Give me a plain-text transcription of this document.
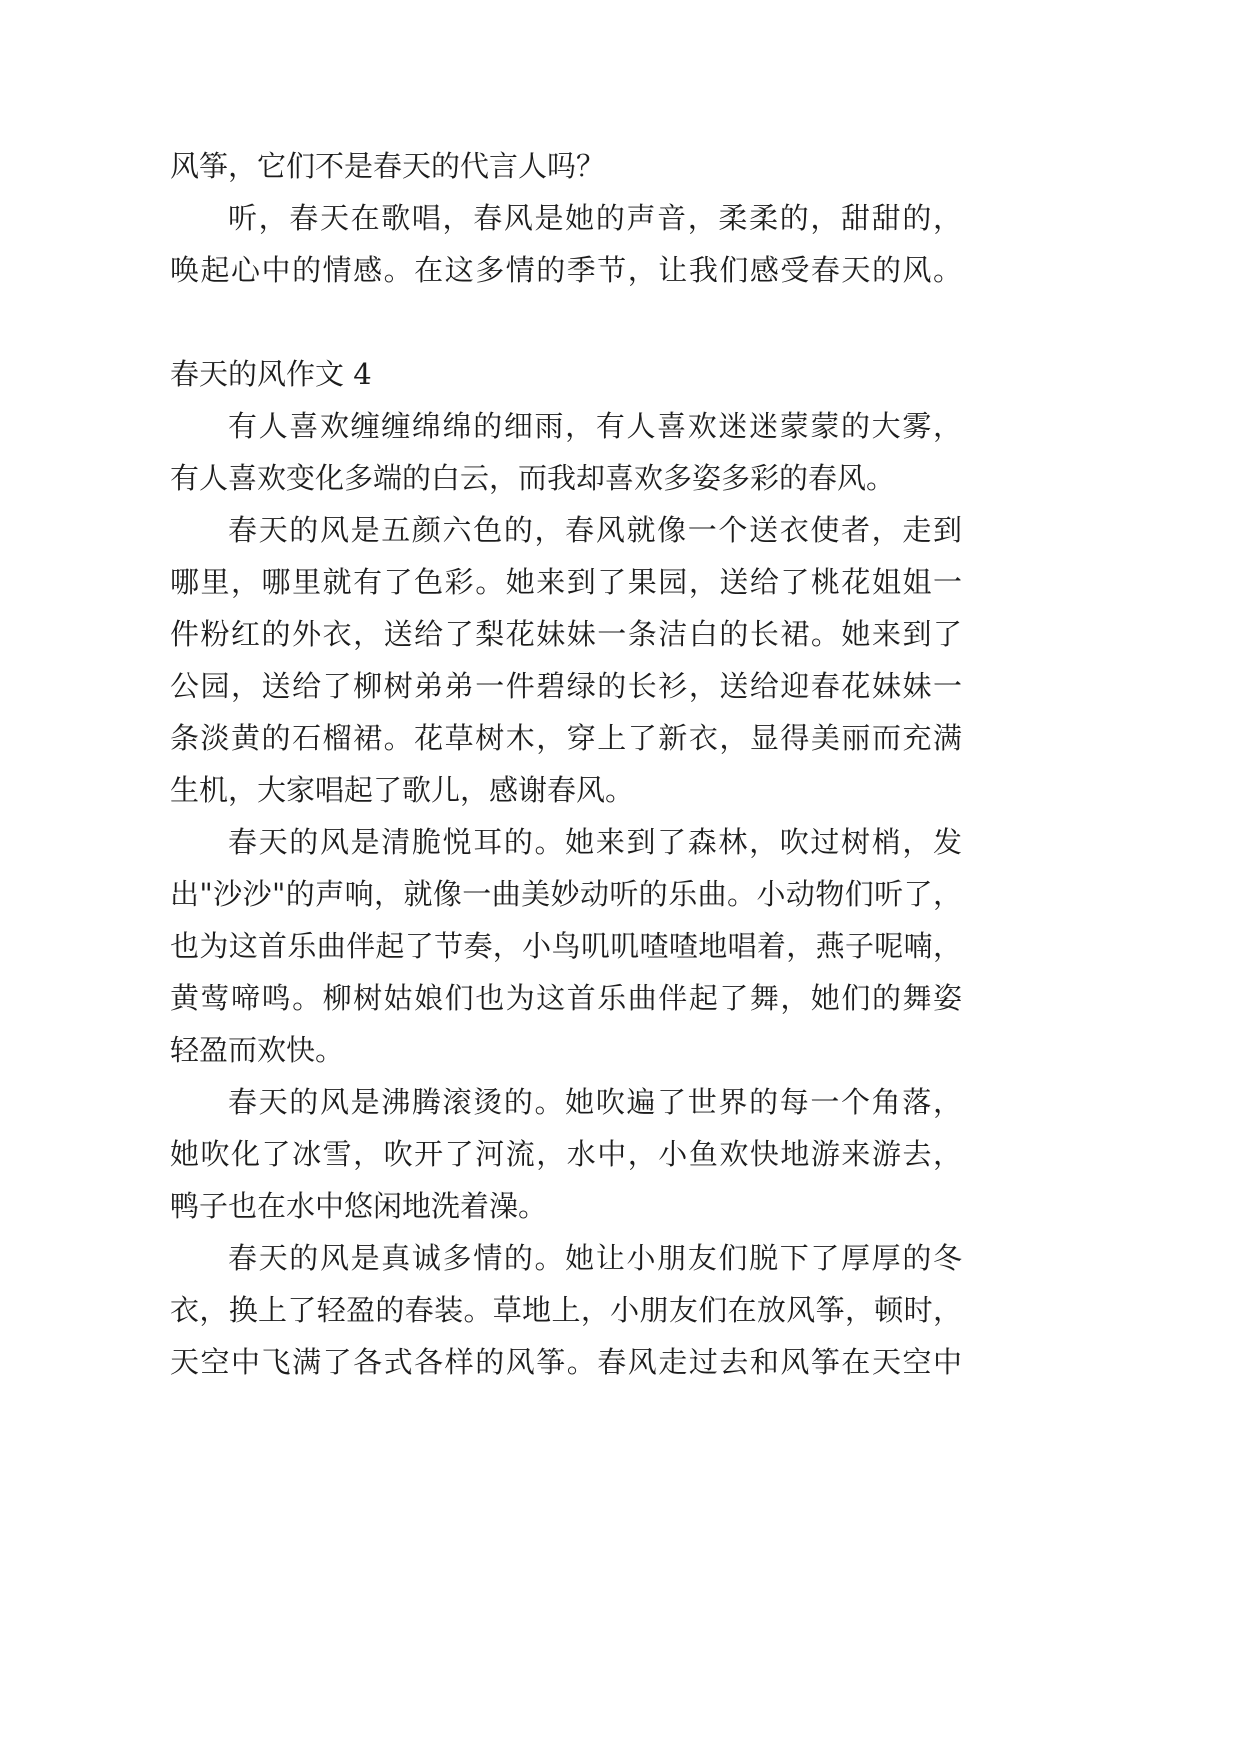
风筝，它们不是春天的代言人吗？
听，春天在歌唱，春风是她的声音，柔柔的，甜甜的，
唤起心中的情感。在这多情的季节，让我们感受春天的风。
春天的风作文 4
有人喜欢缠缠绵绵的细雨，有人喜欢迷迷蒙蒙的大雾，
有人喜欢变化多端的白云，而我却喜欢多姿多彩的春风。
春天的风是五颜六色的，春风就像一个送衣使者，走到
哪里，哪里就有了色彩。她来到了果园，送给了桃花姐姐一
件粉红的外衣，送给了梨花妹妹一条洁白的长裙。她来到了
公园，送给了柳树弟弟一件碧绿的长衫，送给迎春花妹妹一
条淡黄的石榴裙。花草树木，穿上了新衣，显得美丽而充满
生机，大家唱起了歌儿，感谢春风。
春天的风是清脆悦耳的。她来到了森林，吹过树梢，发
出"沙沙"的声响，就像一曲美妙动听的乐曲。小动物们听了，
也为这首乐曲伴起了节奏，小鸟叽叽喳喳地唱着，燕子呢喃，
黄莺啼鸣。柳树姑娘们也为这首乐曲伴起了舞，她们的舞姿
轻盈而欢快。
春天的风是沸腾滚烫的。她吹遍了世界的每一个角落，
她吹化了冰雪，吹开了河流，水中，小鱼欢快地游来游去，
鸭子也在水中悠闲地洗着澡。
春天的风是真诚多情的。她让小朋友们脱下了厚厚的冬
衣，换上了轻盈的春装。草地上，小朋友们在放风筝，顿时，
天空中飞满了各式各样的风筝。春风走过去和风筝在天空中
